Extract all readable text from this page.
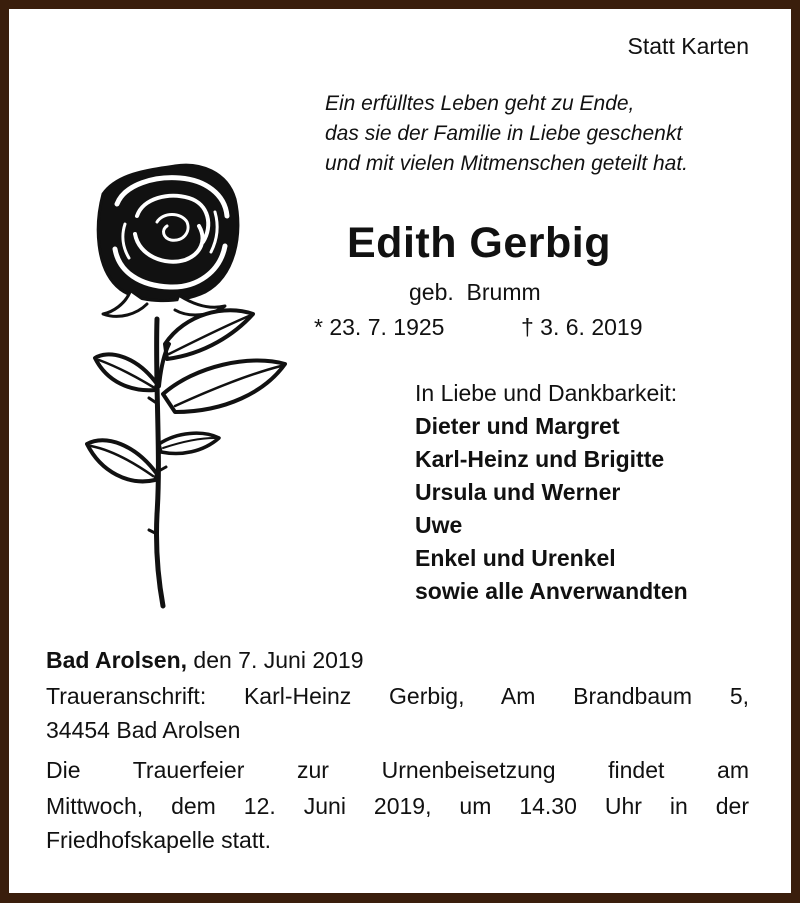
Statt Karten
Ein erfülltes Leben geht zu Ende,
das sie der Familie in Liebe geschenkt
und mit vielen Mitmenschen geteilt hat.
Edith Gerbig
geb.  Brumm
* 23. 7. 1925	† 3. 6. 2019
In Liebe und Dankbarkeit:
Dieter und Margret
Karl-Heinz und Brigitte
Ursula und Werner
Uwe
Enkel und Urenkel
sowie alle Anverwandten
Bad Arolsen, den 7. Juni 2019
Traueranschrift: Karl-Heinz Gerbig, Am Brandbaum 5,
34454 Bad Arolsen
Die Trauerfeier zur Urnenbeisetzung findet am
Mittwoch, dem 12. Juni 2019, um 14.30 Uhr in der
Friedhofskapelle statt.
